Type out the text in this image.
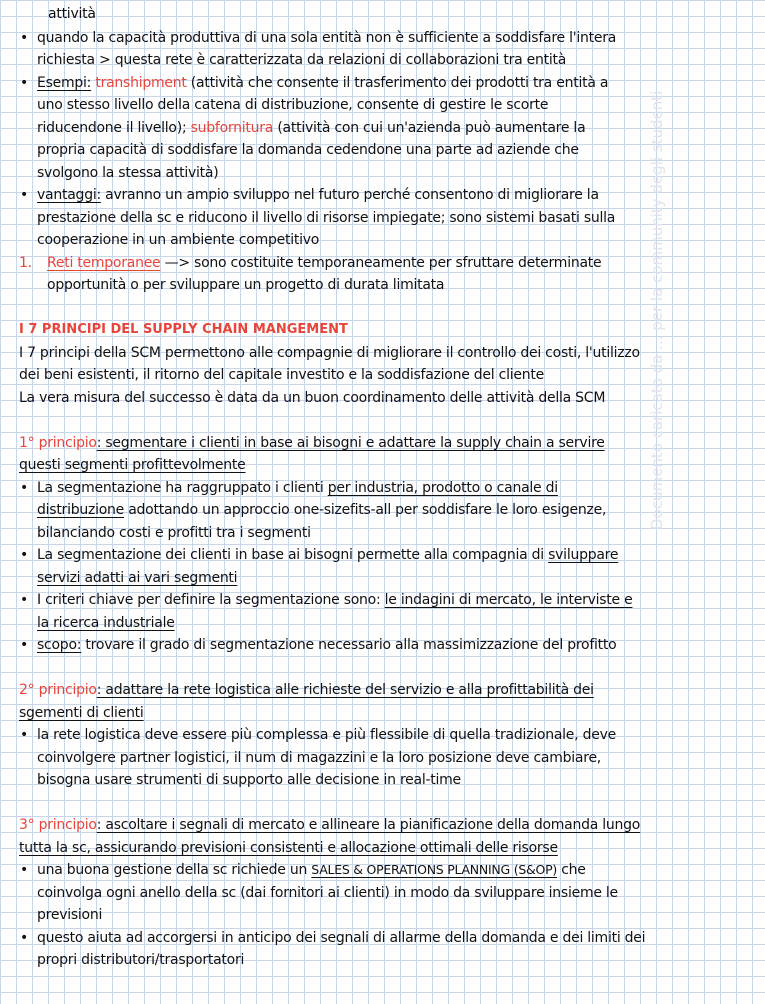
Documento caricato da ... per la community degli studenti
attività
• quando la capacità produttiva di una sola entità non è sufficiente a soddisfare l'intera
richiesta > questa rete è caratterizzata da relazioni di collaborazioni tra entità
• Esempi: transhipment (attività che consente il trasferimento dei prodotti tra entità a
uno stesso livello della catena di distribuzione, consente di gestire le scorte
riducendone il livello); subfornitura (attività con cui un'azienda può aumentare la
propria capacità di soddisfare la domanda cedendone una parte ad aziende che
svolgono la stessa attività)
• vantaggi: avranno un ampio sviluppo nel futuro perché consentono di migliorare la
prestazione della sc e riducono il livello di risorse impiegate; sono sistemi basati sulla
cooperazione in un ambiente competitivo
1. Reti temporanee —> sono costituite temporaneamente per sfruttare determinate
opportunità o per sviluppare un progetto di durata limitata
I 7 PRINCIPI DEL SUPPLY CHAIN MANGEMENT
I 7 principi della SCM permettono alle compagnie di migliorare il controllo dei costi, l'utilizzo
dei beni esistenti, il ritorno del capitale investito e la soddisfazione del cliente
La vera misura del successo è data da un buon coordinamento delle attività della SCM
1° principio: segmentare i clienti in base ai bisogni e adattare la supply chain a servire
questi segmenti profittevolmente
• La segmentazione ha raggruppato i clienti per industria, prodotto o canale di
distribuzione adottando un approccio one-sizefits-all per soddisfare le loro esigenze,
bilanciando costi e profitti tra i segmenti
• La segmentazione dei clienti in base ai bisogni permette alla compagnia di sviluppare
servizi adatti ai vari segmenti
• I criteri chiave per definire la segmentazione sono: le indagini di mercato, le interviste e
la ricerca industriale
• scopo: trovare il grado di segmentazione necessario alla massimizzazione del profitto
2° principio: adattare la rete logistica alle richieste del servizio e alla profittabilità dei
sgementi di clienti
• la rete logistica deve essere più complessa e più flessibile di quella tradizionale, deve
coinvolgere partner logistici, il num di magazzini e la loro posizione deve cambiare,
bisogna usare strumenti di supporto alle decisione in real-time
3° principio: ascoltare i segnali di mercato e allineare la pianificazione della domanda lungo
tutta la sc, assicurando previsioni consistenti e allocazione ottimali delle risorse
• una buona gestione della sc richiede un SALES & OPERATIONS PLANNING (S&OP) che
coinvolga ogni anello della sc (dai fornitori ai clienti) in modo da sviluppare insieme le
previsioni
• questo aiuta ad accorgersi in anticipo dei segnali di allarme della domanda e dei limiti dei
propri distributori/trasportatori
